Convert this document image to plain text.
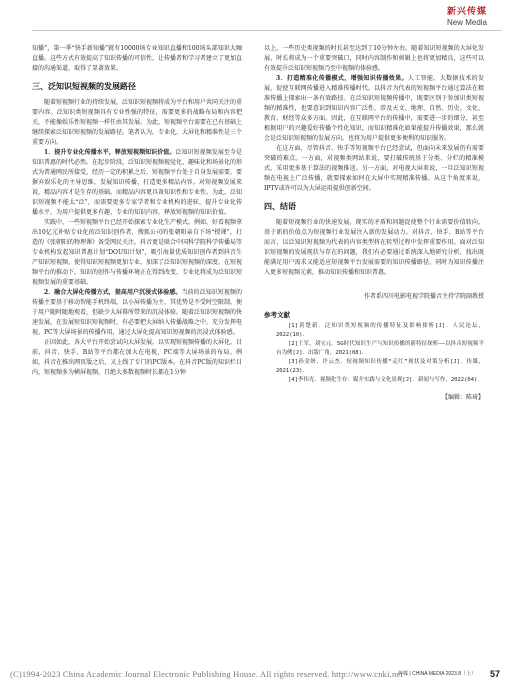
新兴传媒
New Media

知播”，第一季“快手新知播”就有10000场专业知识直播和100场头部知识大咖直播。这些方式有效提高了知识传播的可信性，让传播者和学习者建立了更加直接的沟通渠道，取得了显著效果。

三、泛知识短视频的发展路径

随着短视频行业的持续发展，泛知识短视频将成为平台和用户共同关注的重要内容。泛知识类短视频具有专业性强的特征，需要更多的战略布局和内容把关，不能像娱乐性短视频一样任由其发展。为此，短视频平台需要在已有基础上继续探索泛知识短视频的发展路径。笔者认为，专业化、大屏化和精准性是三个重要方向。

1．提升专业化传播水平，释放短视频知识价值。泛知识短视频发展至今是知识普惠的时代必然。在起步阶段，泛知识短视频视觉化、趣味化和场景化的形式为普通网民所接受，经历一定的积累之后，短视频平台处于自身发展需要，要摒弃娱乐化的主导思维，发展知识传播，打造更多精品内容。对短视频发展来说，精品内容才是生存的基础。而精品内容更具备知识性和专业性。为此，泛知识短视频不能太“泛”，而需要更多专家学者和专业机构的进驻，提升专业化传播水平，为用户提供更多有趣、专业的知识内容，释放短视频的知识价值。

实践中，一些短视频平台已经开始探索专业化生产模式。例如，好看视频拿出10亿元补贴专业化的泛知识创作者，搜狐公司的张朝阳亲自下场“授课”，打造的《张朝阳的物理课》备受网民关注。抖音更是联合中国科学院科学传播局等专业机构发起知识普惠计划“DOU知计划”，吸引海量优质知识创作者到抖音生产知识短视频，使得知识短视频更加专业，加深了泛知识短视频的深度。在短视频平台的推动下，知识的创作与传播环境正在得到改变，专业化将成为泛知识短视频发展的重要基础。

2．融合大屏化传播方式，提高用户沉浸式体验感。当前的泛知识短视频的传播主要基于移动智能手机终端，以小屏传播为主，其优势是不受时空限制，便于用户随时随地观看，但缺少大屏幕所带来的沉浸体验。随着泛知识短视频的快速发展，在发展短知识短视频时，有必要把大屏纳入传播战略之中，充分发挥电视、PC等大屏场景的传播作用，通过大屏化提高知识短视频的沉浸式体验感。

正因如此，各大平台开始尝试向大屏发展，以实现短视频传播的大屏化。目前，抖音、快手、B站等平台都在加大在电视、PC端等大屏场景的布局。例如，抖音在推出网页版之后，又上线了专门的PC版本。在抖音PC版的知识栏目内，短视频多为横屏视频，且绝大多数视频时长都在1分钟

以上，一些历史类视频的时长甚至达到了10分钟左右。随着知识短视频的大屏化发展，时长将成为一个重要突破口，同时内容制作和剪辑上也将更加精良，这些可以有效提升泛知识短视频乃至中视频的体验感。

3．打造精准化传播模式，增强知识传播效果。人工智能、大数据技术的发展，促使互联网传播进入精准传播时代。以抖音为代表的短视频平台通过算法在精准传播上探索出一条有效路径。在泛知识短视频传播中，既要区别于参加识类短视频的精准性，也要意识到知识内容广泛性，涉及天文、地理、自然、历史、文化、教育、财经等众多方面。因此，在互联网平台的传播中，需要进一步的细分，甚至根据用户的兴趣爱好传播个性化知识，而知识精准化如果能提升传播效果，那么就会是泛知识短视频的发展方向。也将为用户提供更多便利的知识服务。

在这方面，尽管抖音、快手等短视频平台已经尝试，但面向未来发展仍有需要突破的难点。一方面，对视频类网站来说，要打破传统基于分类、分栏的精准模式，采用更多基于算法的视频推送。另一方面，对电视大屏来说，一旦泛知识短视频在电视上广泛传播，就要探索如何在大屏中实现精准传播。从这个角度来说，IPTV或许可以为大屏运用提供创新空间。

四、结语

随着短视频行业的快速发展，现实的矛盾和问题促使整个行业需要价值转向。基于新的价值点为短视频行业发展注入新的发展动力。对抖音、快手、B站等平台而言，以泛知识短视频为代表的内容类型将在转型过程中发挥重要作用。面对泛知识短视频的发展现状与存在的问题，我们有必要通过系统深入地研究分析，找出既能满足用户需求又能适应短视频平台发展需要的知识传播路径，同时为知识传播注入更多短视频元素，推动知识传播和知识普惠。

作者系四川电影电视学院播音主持学院副教授
参考文献

[1]黄楚新．泛知识类短视频的传播特征及影响探析[J]．人民论坛，2022(10)．

[2]王军，刘宝元．5G时代知识生产与知识传播的新特征探析——以抖音短视频平台为例[J]．出版广角，2021(08)．

[3]孙金妍，许云杰．短视频知识传播“走红”现状及对策分析[J]．传媒，2021(23)．

[4]李伟光．视频化生存：媒介实践与文化景观[J]．新闻与写作，2022(04)．

【编辑：陈琦】
(C)1994-2023 China Academic Journal Electronic Publishing House. All rights reserved. http://www.cnki.net
传媒 | CHINA MEDIA 2023.8（上） 57
